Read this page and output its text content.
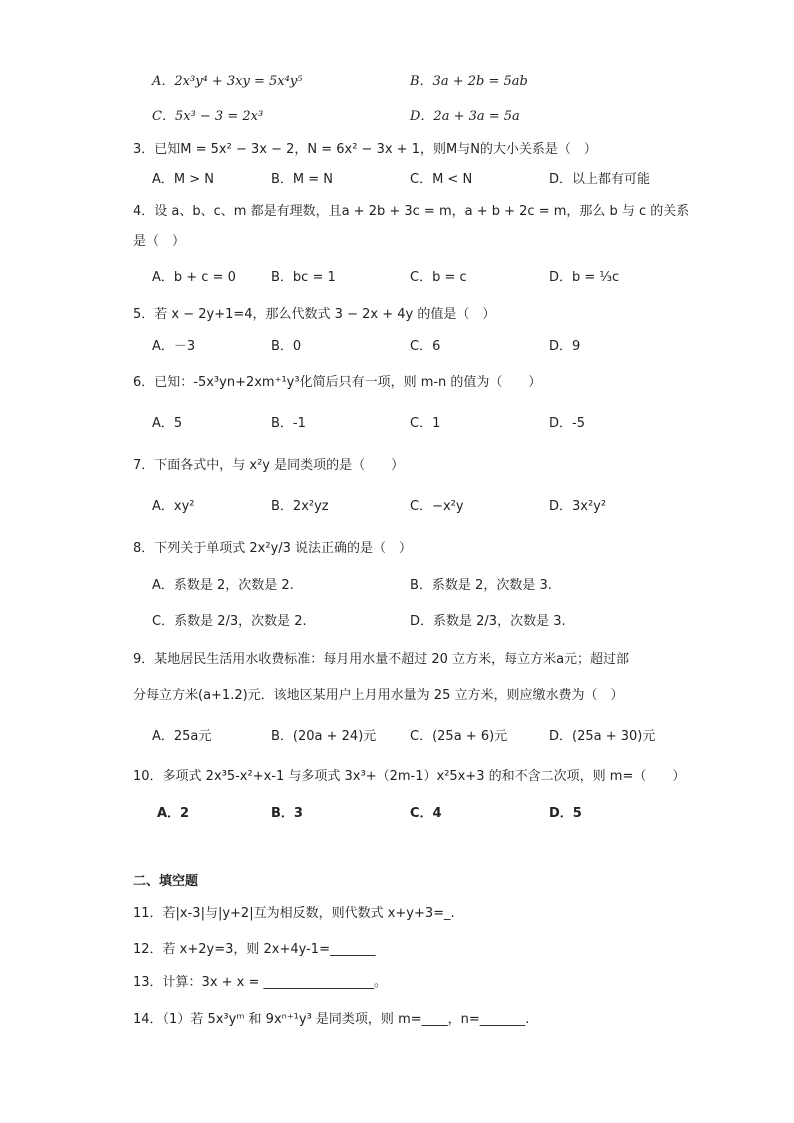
A．2x³y⁴ + 3xy = 5x⁴y⁵	B．3a + 2b = 5ab
C．5x³ − 3 = 2x³	D．2a + 3a = 5a
3．已知M = 5x² − 3x − 2，N = 6x² − 3x + 1，则M与N的大小关系是（　）
A．M > N	B．M = N	C．M < N	D．以上都有可能
4．设 a、b、c、m 都是有理数，且a + 2b + 3c = m，a + b + 2c = m，那么 b 与 c 的关系
是（　）
A．b + c = 0	B．bc = 1	C．b = c	D．b = ⅓c
5．若 x − 2y+1=4，那么代数式 3 − 2x + 4y 的值是（　）
A．－3	B．0	C．6	D．9
6．已知：-5x³yn+2xm⁺¹y³化简后只有一项，则 m-n 的值为（　　）
A．5	B．-1	C．1	D．-5
7．下面各式中，与 x²y 是同类项的是（　　）
A．xy²	B．2x²yz	C．−x²y	D．3x²y²
8．下列关于单项式 2x²y/3 说法正确的是（　）
A．系数是 2，次数是 2.	B．系数是 2，次数是 3.
C．系数是 2/3，次数是 2.	D．系数是 2/3，次数是 3.
9．某地居民生活用水收费标准：每月用水量不超过 20 立方米，每立方米a元；超过部
分每立方米(a+1.2)元．该地区某用户上月用水量为 25 立方米，则应缴水费为（　）
A．25a元	B．(20a + 24)元	C．(25a + 6)元	D．(25a + 30)元
10．多项式 2x³5-x²+x-1 与多项式 3x³+（2m-1）x²5x+3 的和不含二次项，则 m=（　　）
A．2	B．3	C．4	D．5
二、填空题
11．若|x-3|与|y+2|互为相反数，则代数式 x+y+3=_.
12．若 x+2y=3，则 2x+4y-1=_______
13．计算：3x + x = _________________。
14．（1）若 5x³yᵐ 和 9xⁿ⁺¹y³ 是同类项，则 m=____，n=_______.
